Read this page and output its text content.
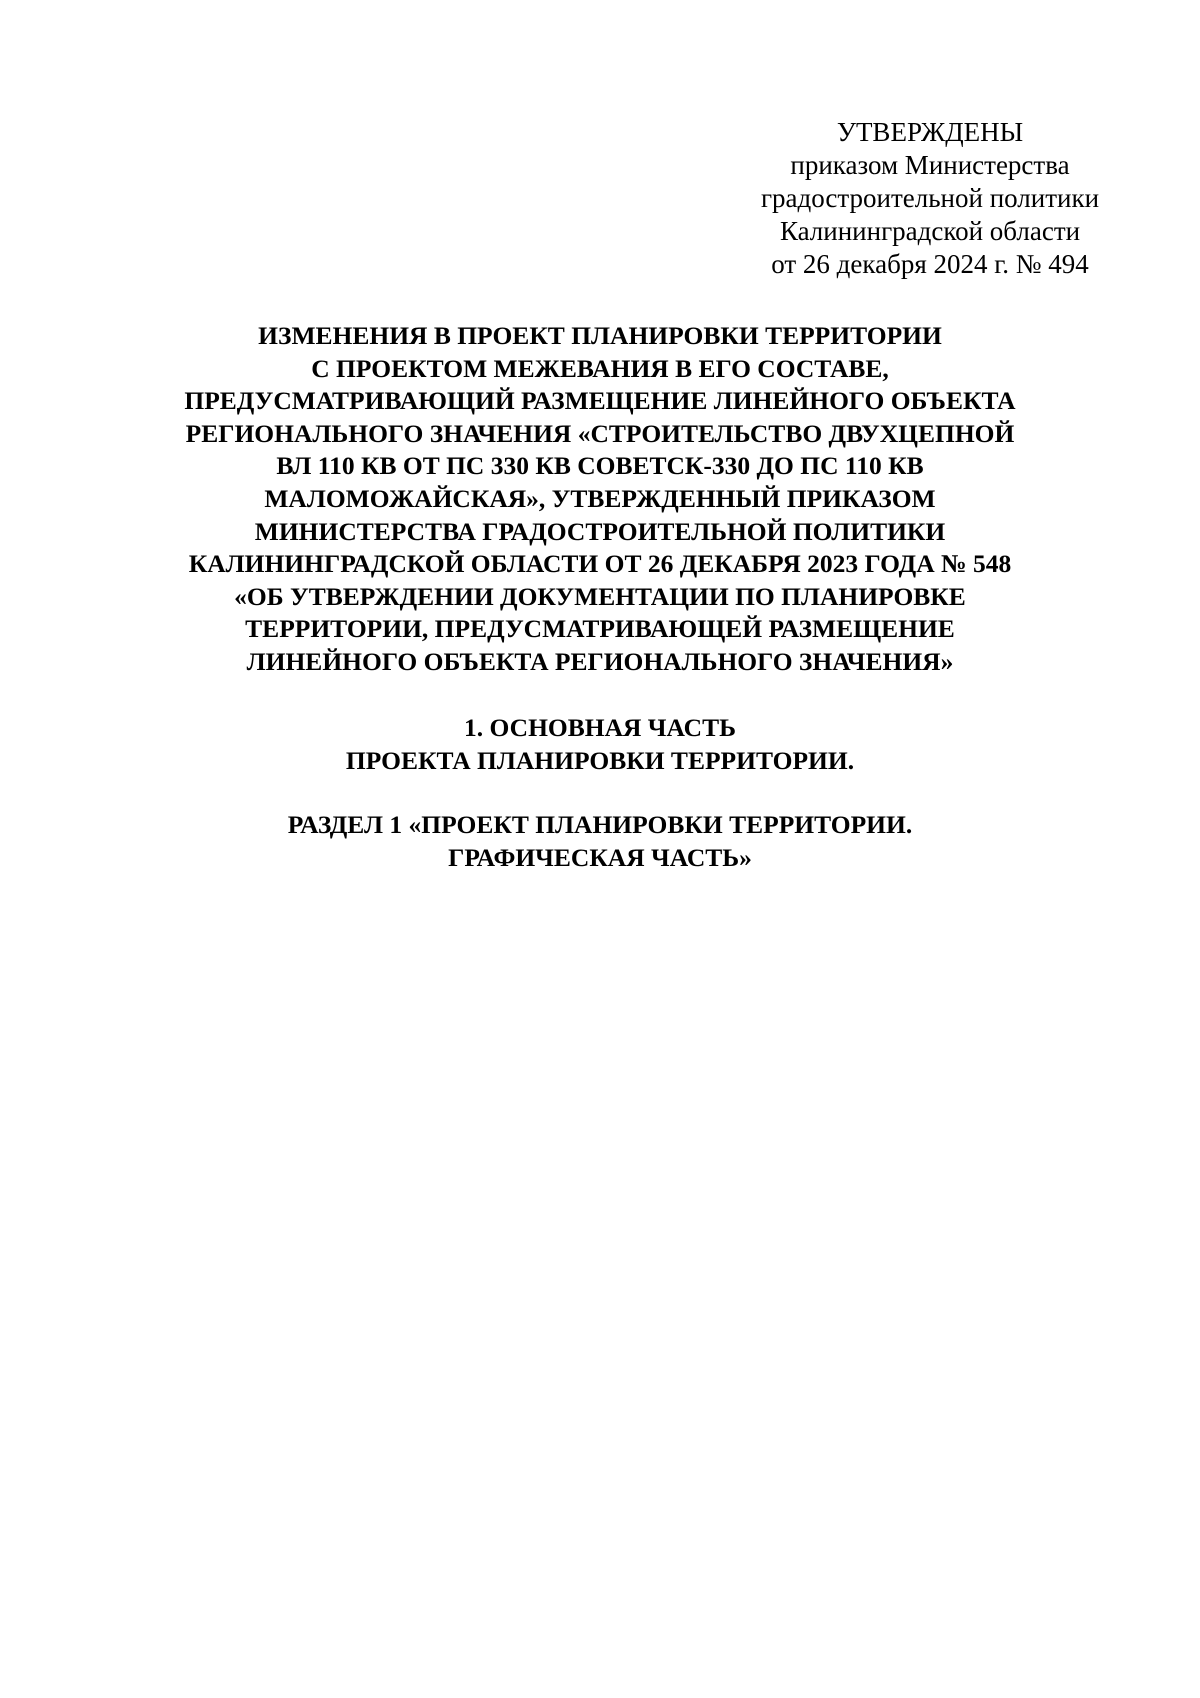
УТВЕРЖДЕНЫ
приказом Министерства
градостроительной политики
Калининградской области
от 26 декабря 2024 г. № 494
ИЗМЕНЕНИЯ В ПРОЕКТ ПЛАНИРОВКИ ТЕРРИТОРИИ
С ПРОЕКТОМ МЕЖЕВАНИЯ В ЕГО СОСТАВЕ,
ПРЕДУСМАТРИВАЮЩИЙ РАЗМЕЩЕНИЕ ЛИНЕЙНОГО ОБЪЕКТА
РЕГИОНАЛЬНОГО ЗНАЧЕНИЯ «СТРОИТЕЛЬСТВО ДВУХЦЕПНОЙ
ВЛ 110 КВ ОТ ПС 330 КВ СОВЕТСК-330 ДО ПС 110 КВ
МАЛОМОЖАЙСКАЯ», УТВЕРЖДЕННЫЙ ПРИКАЗОМ
МИНИСТЕРСТВА ГРАДОСТРОИТЕЛЬНОЙ ПОЛИТИКИ
КАЛИНИНГРАДСКОЙ ОБЛАСТИ ОТ 26 ДЕКАБРЯ 2023 ГОДА № 548
«ОБ УТВЕРЖДЕНИИ ДОКУМЕНТАЦИИ ПО ПЛАНИРОВКЕ
ТЕРРИТОРИИ, ПРЕДУСМАТРИВАЮЩЕЙ РАЗМЕЩЕНИЕ
ЛИНЕЙНОГО ОБЪЕКТА РЕГИОНАЛЬНОГО ЗНАЧЕНИЯ»
1. ОСНОВНАЯ ЧАСТЬ
ПРОЕКТА ПЛАНИРОВКИ ТЕРРИТОРИИ.
РАЗДЕЛ 1 «ПРОЕКТ ПЛАНИРОВКИ ТЕРРИТОРИИ.
ГРАФИЧЕСКАЯ ЧАСТЬ»
